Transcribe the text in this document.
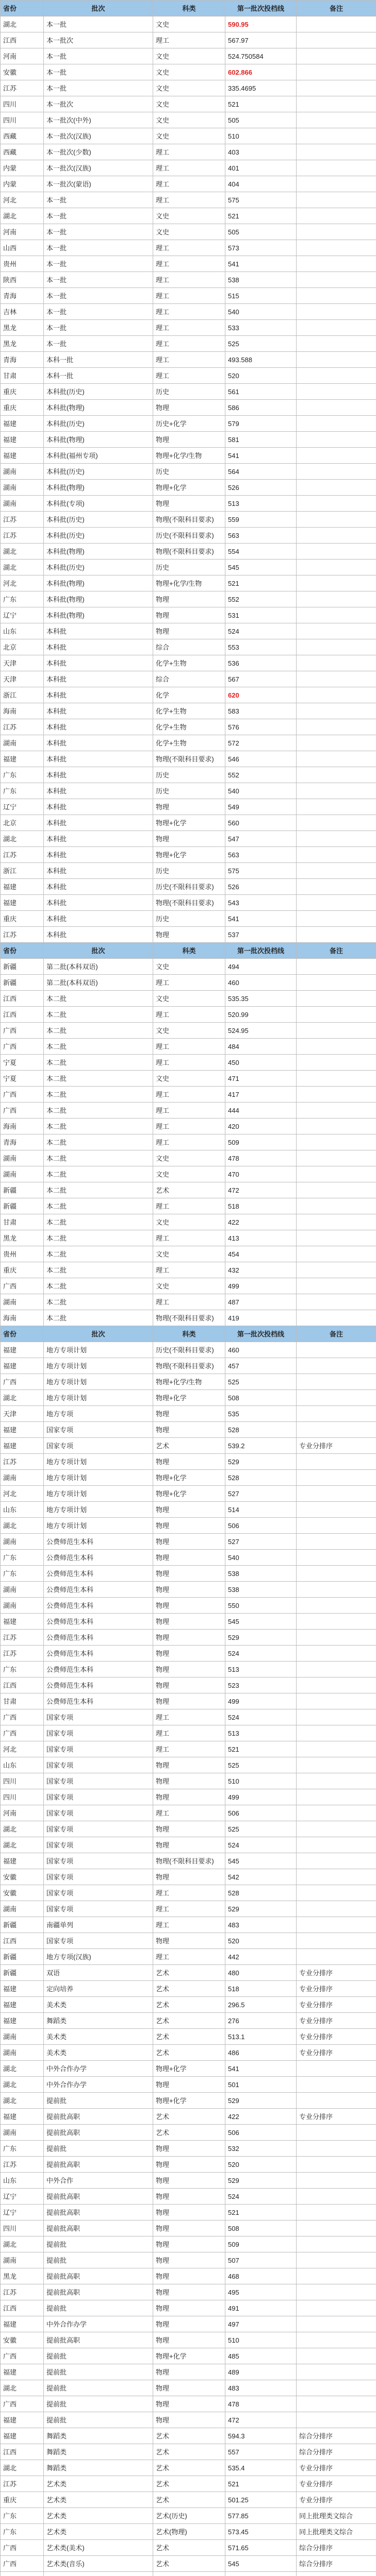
省份	批次	科类	第一批次投档线	备注
湖北	本一批	文史	590.95	
江西	本一批次	理工	567.97	
河南	本一批	文史	524.750584	
安徽	本一批	文史	602.866	
江苏	本一批	文史	335.4695	
四川	本一批次	文史	521	
四川	本一批次(中外)	文史	505	
西藏	本一批次(汉族)	文史	510	
西藏	本一批次(少数)	理工	403	
内蒙	本一批次(汉族)	理工	401	
内蒙	本一批次(蒙语)	理工	404	
河北	本一批	理工	575	
湖北	本一批	文史	521	
河南	本一批	文史	505	
山西	本一批	理工	573	
贵州	本一批	理工	541	
陕西	本一批	理工	538	
青海	本一批	理工	515	
吉林	本一批	理工	540	
黑龙	本一批	理工	533	
黑龙	本一批	理工	525	
青海	本科一批	理工	493.588	
甘肃	本科一批	理工	520	
重庆	本科批(历史)	历史	561	
重庆	本科批(物理)	物理	586	
福建	本科批(历史)	历史+化学	579	
福建	本科批(物理)	物理	581	
福建	本科批(福州专项)	物理+化学/生物	541	
湖南	本科批(历史)	历史	564	
湖南	本科批(物理)	物理+化学	526	
湖南	本科批(专项)	物理	513	
江苏	本科批(历史)	物理(不限科目要求)	559	
江苏	本科批(历史)	历史(不限科目要求)	563	
湖北	本科批(物理)	物理(不限科目要求)	554	
湖北	本科批(历史)	历史	545	
河北	本科批(物理)	物理+化学/生物	521	
广东	本科批(物理)	物理	552	
辽宁	本科批(物理)	物理	531	
山东	本科批	物理	524	
北京	本科批	综合	553	
天津	本科批	化学+生物	536	
天津	本科批	综合	567	
浙江	本科批	化学	620	
海南	本科批	化学+生物	583	
江苏	本科批	化学+生物	576	
湖南	本科批	化学+生物	572	
福建	本科批	物理(不限科目要求)	546	
广东	本科批	历史	552	
广东	本科批	历史	540	
辽宁	本科批	物理	549	
北京	本科批	物理+化学	560	
湖北	本科批	物理	547	
江苏	本科批	物理+化学	563	
浙江	本科批	历史	575	
福建	本科批	历史(不限科目要求)	526	
福建	本科批	物理(不限科目要求)	543	
重庆	本科批	历史	541	
江苏	本科批	物理	537	
省份	批次	科类	第一批次投档线	备注
新疆	第二批(本科双语)	文史	494	
新疆	第二批(本科双语)	理工	460	
江西	本二批	文史	535.35	
江西	本二批	理工	520.99	
广西	本二批	文史	524.95	
广西	本二批	理工	484	
宁夏	本二批	理工	450	
宁夏	本二批	文史	471	
广西	本二批	理工	417	
广西	本二批	理工	444	
海南	本二批	理工	420	
青海	本二批	理工	509	
湖南	本二批	文史	478	
湖南	本二批	文史	470	
新疆	本二批	艺术	472	
新疆	本二批	理工	518	
甘肃	本二批	文史	422	
黑龙	本二批	理工	413	
贵州	本二批	文史	454	
重庆	本二批	理工	432	
广西	本二批	文史	499	
湖南	本二批	理工	487	
海南	本二批	物理(不限科目要求)	419	
省份	批次	科类	第一批次投档线	备注
福建	地方专项计划	历史(不限科目要求)	460	
福建	地方专项计划	物理(不限科目要求)	457	
广西	地方专项计划	物理+化学/生物	525	
湖北	地方专项计划	物理+化学	508	
天津	地方专项	物理	535	
福建	国家专项	物理	528	
福建	国家专项	艺术	539.2	专业分排序
江苏	地方专项计划	物理	529	
湖南	地方专项计划	物理+化学	528	
河北	地方专项计划	物理+化学	527	
山东	地方专项计划	物理	514	
湖北	地方专项计划	物理	506	
湖南	公费师范生本科	物理	527	
广东	公费师范生本科	物理	540	
广东	公费师范生本科	物理	538	
湖南	公费师范生本科	物理	538	
湖南	公费师范生本科	物理	550	
福建	公费师范生本科	物理	545	
江苏	公费师范生本科	物理	529	
江苏	公费师范生本科	物理	524	
广东	公费师范生本科	物理	513	
江西	公费师范生本科	物理	523	
甘肃	公费师范生本科	物理	499	
广西	国家专项	理工	524	
广西	国家专项	理工	513	
河北	国家专项	理工	521	
山东	国家专项	物理	525	
四川	国家专项	物理	510	
四川	国家专项	物理	499	
河南	国家专项	理工	506	
湖北	国家专项	物理	525	
湖北	国家专项	物理	524	
福建	国家专项	物理(不限科目要求)	545	
安徽	国家专项	物理	542	
安徽	国家专项	理工	528	
湖南	国家专项	理工	529	
新疆	南疆单列	理工	483	
江西	国家专项	物理	520	
新疆	地方专项(汉族)	理工	442	
新疆	双语	艺术	480	专业分排序
福建	定向培养	艺术	518	专业分排序
福建	美术类	艺术	296.5	专业分排序
福建	舞蹈类	艺术	276	专业分排序
湖南	美术类	艺术	513.1	专业分排序
湖南	美术类	艺术	486	专业分排序
湖北	中外合作办学	物理+化学	541	
湖北	中外合作办学	物理	501	
湖北	提前批	物理+化学	529	
福建	提前批高职	艺术	422	专业分排序
湖南	提前批高职	艺术	506	
广东	提前批	物理	532	
江苏	提前批高职	物理	520	
山东	中外合作	物理	529	
辽宁	提前批高职	物理	524	
辽宁	提前批高职	物理	521	
四川	提前批高职	物理	508	
湖北	提前批	物理	509	
湖南	提前批	物理	507	
黑龙	提前批高职	物理	468	
江苏	提前批高职	物理	495	
江西	提前批	物理	491	
福建	中外合作办学	物理	497	
安徽	提前批高职	物理	510	
广西	提前批	物理+化学	485	
福建	提前批	物理	489	
湖北	提前批	物理	483	
广西	提前批	物理	478	
福建	提前批	物理	472	
福建	舞蹈类	艺术	594.3	综合分排序
江西	舞蹈类	艺术	557	综合分排序
湖北	舞蹈类	艺术	535.4	专业分排序
江苏	艺术类	艺术	521	专业分排序
重庆	艺术类	艺术	501.25	专业分排序
广东	艺术类	艺术(历史)	577.85	同上批理类文综合
广东	艺术类	艺术(物理)	573.45	同上批理类文综合
广西	艺术类(美术)	艺术	571.65	综合分排序
广西	艺术类(音乐)	艺术	545	综合分排序
